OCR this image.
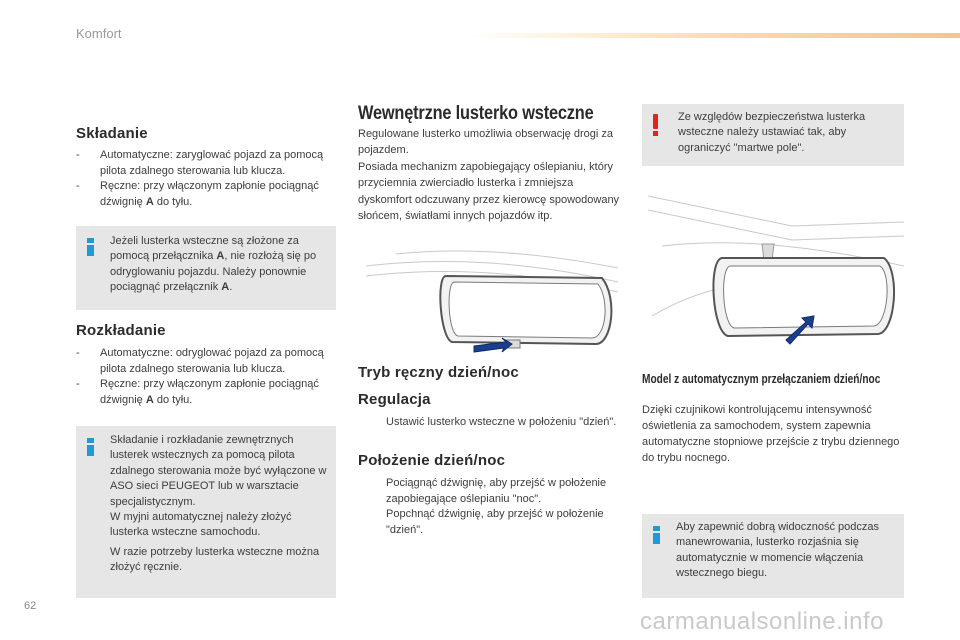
Komfort
Składanie
- Automatyczne: zaryglować pojazd za pomocą pilota zdalnego sterowania lub klucza.
- Ręczne: przy włączonym zapłonie pociągnąć dźwignię A do tyłu.
Jeżeli lusterka wsteczne są złożone za pomocą przełącznika A, nie rozłożą się po odryglowaniu pojazdu. Należy ponownie pociągnąć przełącznik A.
Rozkładanie
- Automatyczne: odryglować pojazd za pomocą pilota zdalnego sterowania lub klucza.
- Ręczne: przy włączonym zapłonie pociągnąć dźwignię A do tyłu.

Składanie i rozkładanie zewnętrznych lusterek wstecznych za pomocą pilota zdalnego sterowania może być wyłączone w ASO sieci PEUGEOT lub w warsztacie specjalistycznym.

W myjni automatycznej należy złożyć lusterka wsteczne samochodu.

W razie potrzeby lusterka wsteczne można złożyć ręcznie.

Wewnętrzne lusterko wsteczne

Regulowane lusterko umożliwia obserwację drogi za pojazdem.

Posiada mechanizm zapobiegający oślepianiu, który przyciemnia zwierciadło lusterka i zmniejsza dyskomfort odczuwany przez kierowcę spowodowany słońcem, światłami innych pojazdów itp.

Tryb ręczny dzień/noc
Regulacja
Ustawić lusterko wsteczne w położeniu "dzień".
Położenie dzień/noc
Pociągnąć dźwignię, aby przejść w położenie zapobiegające oślepianiu "noc".
Popchnąć dźwignię, aby przejść w położenie "dzień".
Ze względów bezpieczeństwa lusterka wsteczne należy ustawiać tak, aby ograniczyć "martwe pole".
Model z automatycznym przełączaniem dzień/noc
Dzięki czujnikowi kontrolującemu intensywność oświetlenia za samochodem, system zapewnia automatyczne stopniowe przejście z trybu dziennego do trybu nocnego.
Aby zapewnić dobrą widoczność podczas manewrowania, lusterko rozjaśnia się automatycznie w momencie włączenia wstecznego biegu.
62
carmanualsonline.info
